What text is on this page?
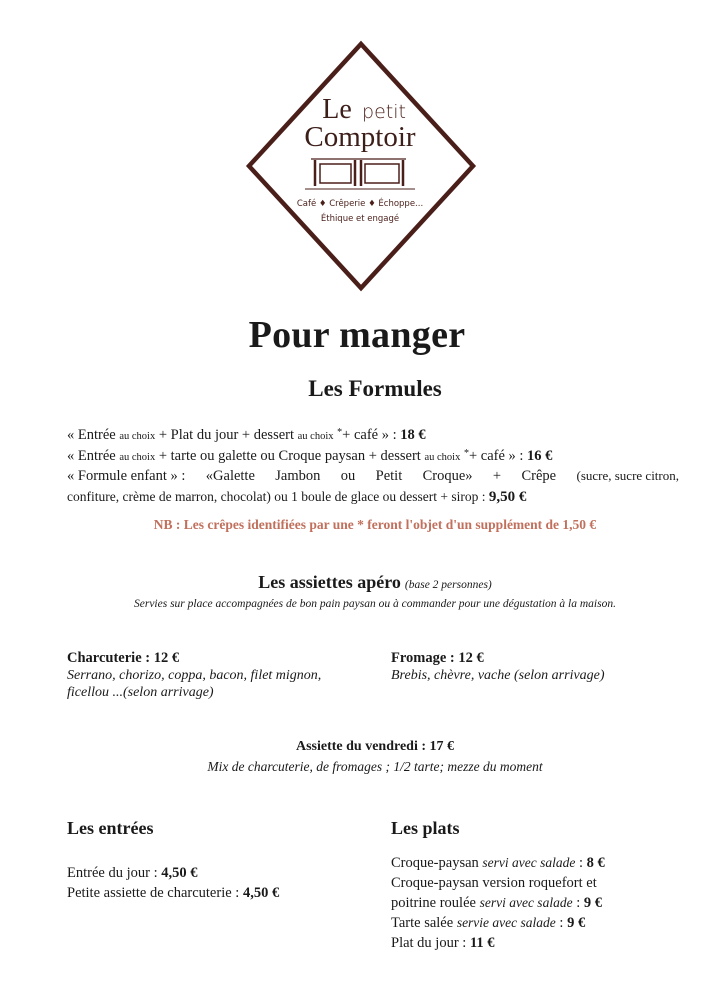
Le petit
Comptoir
Café ♦ Crêperie ♦ Échoppe...
Éthique et engagé
Pour manger
Les Formules
« Entrée au choix + Plat du jour + dessert au choix *+ café » : 18 €
« Entrée au choix + tarte ou galette ou Croque paysan + dessert au choix *+ café » : 16 €
« Formule enfant » : «Galette Jambon ou Petit Croque» + Crêpe (sucre, sucre citron,
confiture, crème de marron, chocolat) ou 1 boule de glace ou dessert + sirop : 9,50 €
NB : Les crêpes identifiées par une * feront l'objet d'un supplément de 1,50 €
Les assiettes apéro (base 2 personnes)
Servies sur place accompagnées de bon pain paysan ou à commander pour une dégustation à la maison.
Charcuterie : 12 €
Serrano, chorizo, coppa, bacon, filet mignon,
ficellou ...(selon arrivage)
Fromage : 12 €
Brebis, chèvre, vache (selon arrivage)
Assiette du vendredi : 17 €
Mix de charcuterie, de fromages ; 1/2 tarte; mezze du moment
Les entrées
Entrée du jour : 4,50 €
Petite assiette de charcuterie : 4,50 €
Les plats
Croque-paysan servi avec salade : 8 €
Croque-paysan version roquefort et
poitrine roulée servi avec salade : 9 €
Tarte salée servie avec salade : 9 €
Plat du jour : 11 €
